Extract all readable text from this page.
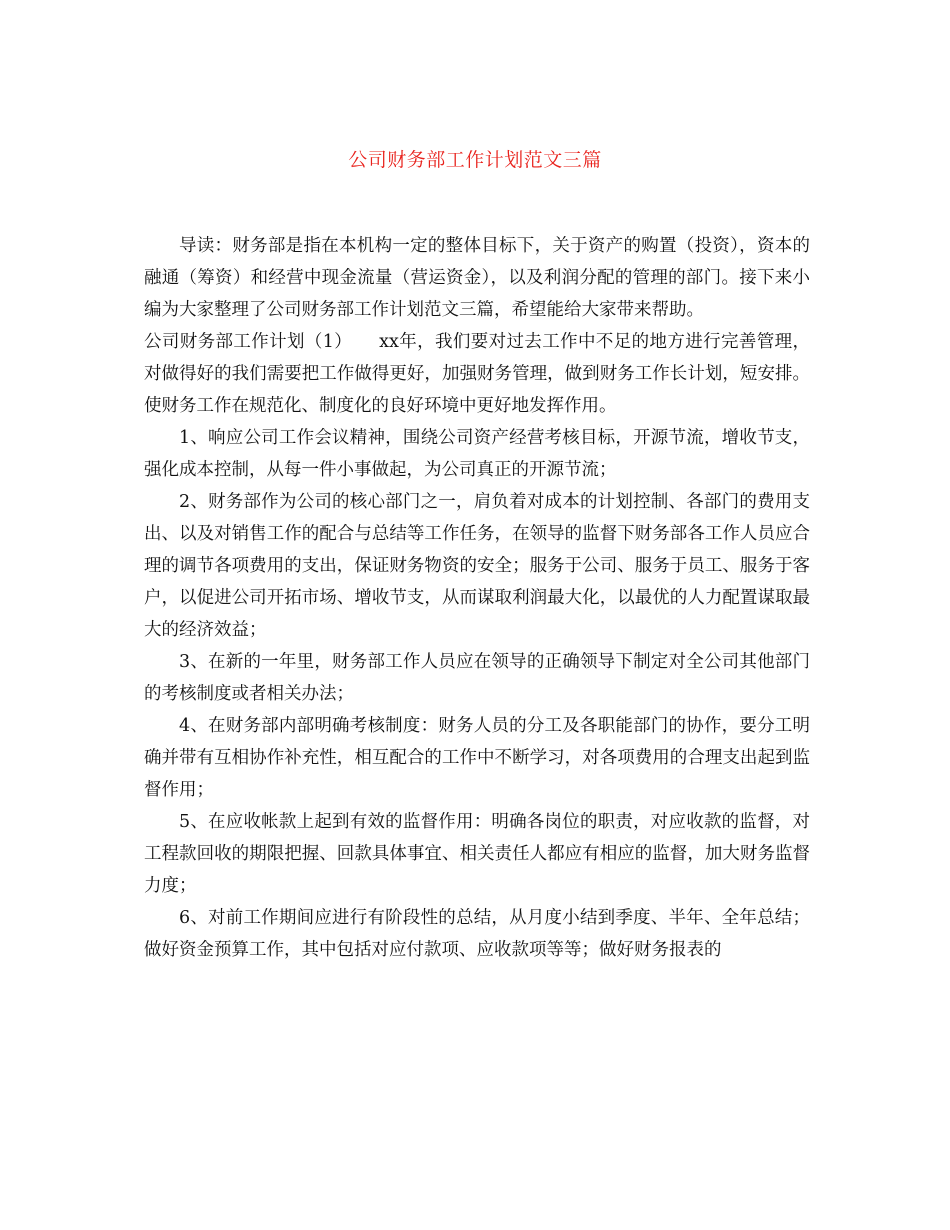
公司财务部工作计划范文三篇

导读：财务部是指在本机构一定的整体目标下，关于资产的购置（投资），资本的融通（筹资）和经营中现金流量（营运资金），以及利润分配的管理的部门。接下来小编为大家整理了公司财务部工作计划范文三篇，希望能给大家带来帮助。

公司财务部工作计划（1）　　xx年，我们要对过去工作中不足的地方进行完善管理，对做得好的我们需要把工作做得更好，加强财务管理，做到财务工作长计划，短安排。使财务工作在规范化、制度化的良好环境中更好地发挥作用。

1、响应公司工作会议精神，围绕公司资产经营考核目标，开源节流，增收节支，强化成本控制，从每一件小事做起，为公司真正的开源节流；

2、财务部作为公司的核心部门之一，肩负着对成本的计划控制、各部门的费用支出、以及对销售工作的配合与总结等工作任务，在领导的监督下财务部各工作人员应合理的调节各项费用的支出，保证财务物资的安全；服务于公司、服务于员工、服务于客户，以促进公司开拓市场、增收节支，从而谋取利润最大化，以最优的人力配置谋取最大的经济效益；

3、在新的一年里，财务部工作人员应在领导的正确领导下制定对全公司其他部门的考核制度或者相关办法；

4、在财务部内部明确考核制度：财务人员的分工及各职能部门的协作，要分工明确并带有互相协作补充性，相互配合的工作中不断学习，对各项费用的合理支出起到监督作用；

5、在应收帐款上起到有效的监督作用：明确各岗位的职责，对应收款的监督，对工程款回收的期限把握、回款具体事宜、相关责任人都应有相应的监督，加大财务监督力度；

6、对前工作期间应进行有阶段性的总结，从月度小结到季度、半年、全年总结；做好资金预算工作，其中包括对应付款项、应收款项等等；做好财务报表的
